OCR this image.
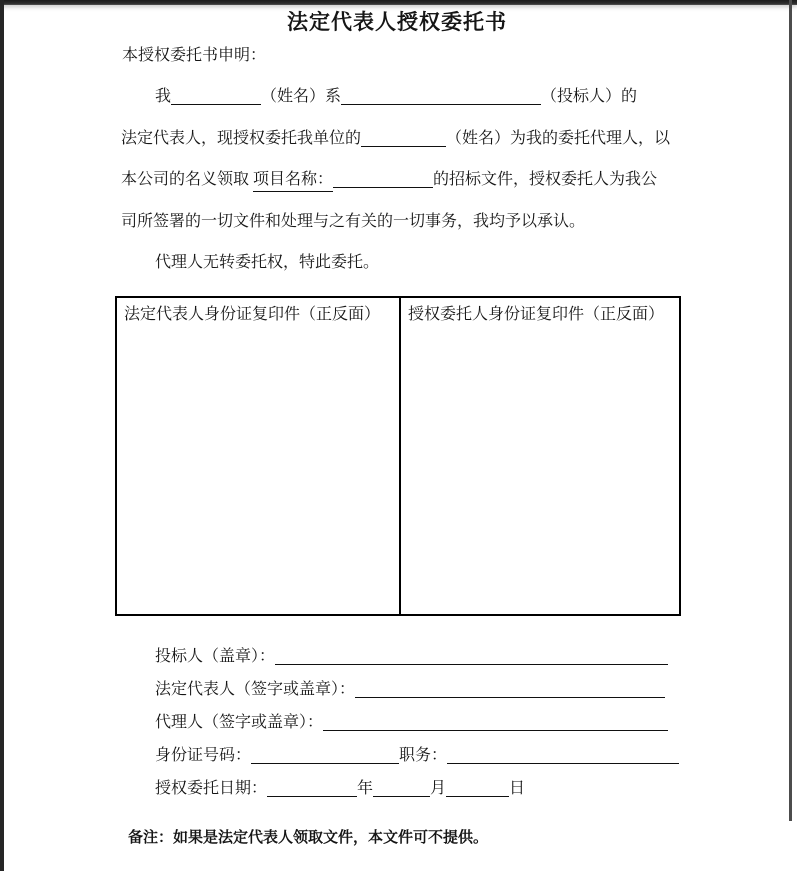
法定代表人授权委托书
本授权委托书申明：
我	（姓名）系	（投标人）的
法定代表人，现授权委托我单位的	（姓名）为我的委托代理人，以
本公司的名义领取 项目名称：	的招标文件，授权委托人为我公
司所签署的一切文件和处理与之有关的一切事务，我均予以承认。
代理人无转委托权，特此委托。
法定代表人身份证复印件（正反面）	授权委托人身份证复印件（正反面）
投标人（盖章）：
法定代表人（签字或盖章）：
代理人（签字或盖章）：
身份证号码：	职务：
授权委托日期：	年	月	日
备注：如果是法定代表人领取文件，本文件可不提供。
